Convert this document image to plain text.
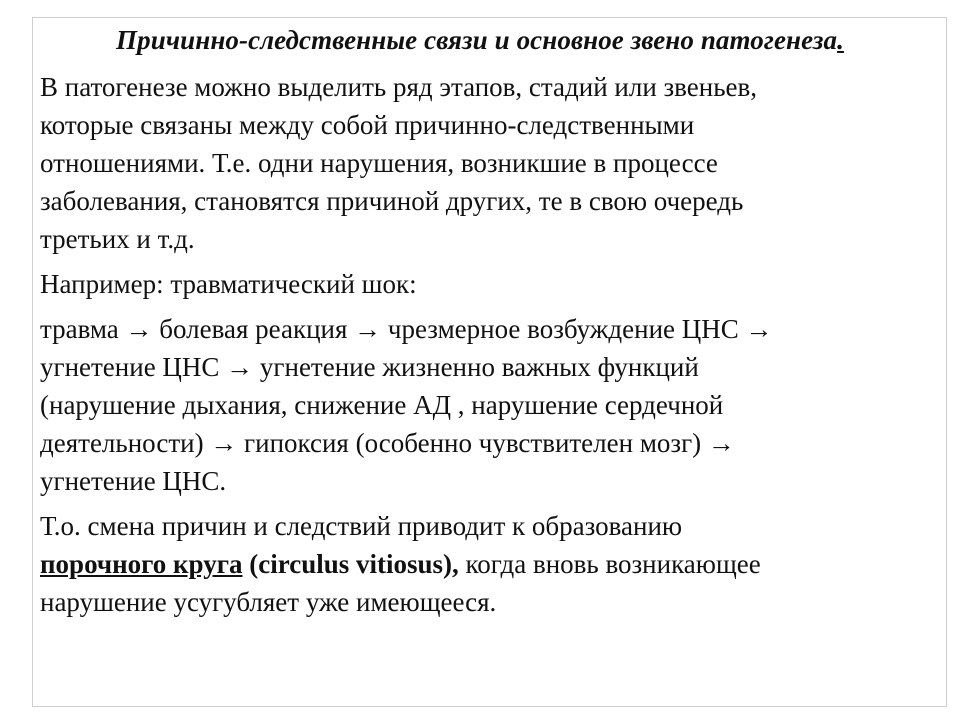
Причинно-следственные связи и основное звено патогенеза.
В патогенезе можно выделить ряд этапов, стадий или звеньев,
которые связаны между собой причинно-следственными
отношениями. Т.е. одни нарушения, возникшие в процессе
заболевания, становятся причиной других, те в свою очередь
третьих и т.д.
Например: травматический шок:
травма → болевая реакция → чрезмерное возбуждение ЦНС →
угнетение ЦНС → угнетение жизненно важных функций
(нарушение дыхания, снижение АД , нарушение сердечной
деятельности) → гипоксия (особенно чувствителен мозг) →
угнетение ЦНС.
Т.о. смена причин и следствий приводит к образованию
порочного круга (circulus vitiosus), когда вновь возникающее
нарушение усугубляет уже имеющееся.
